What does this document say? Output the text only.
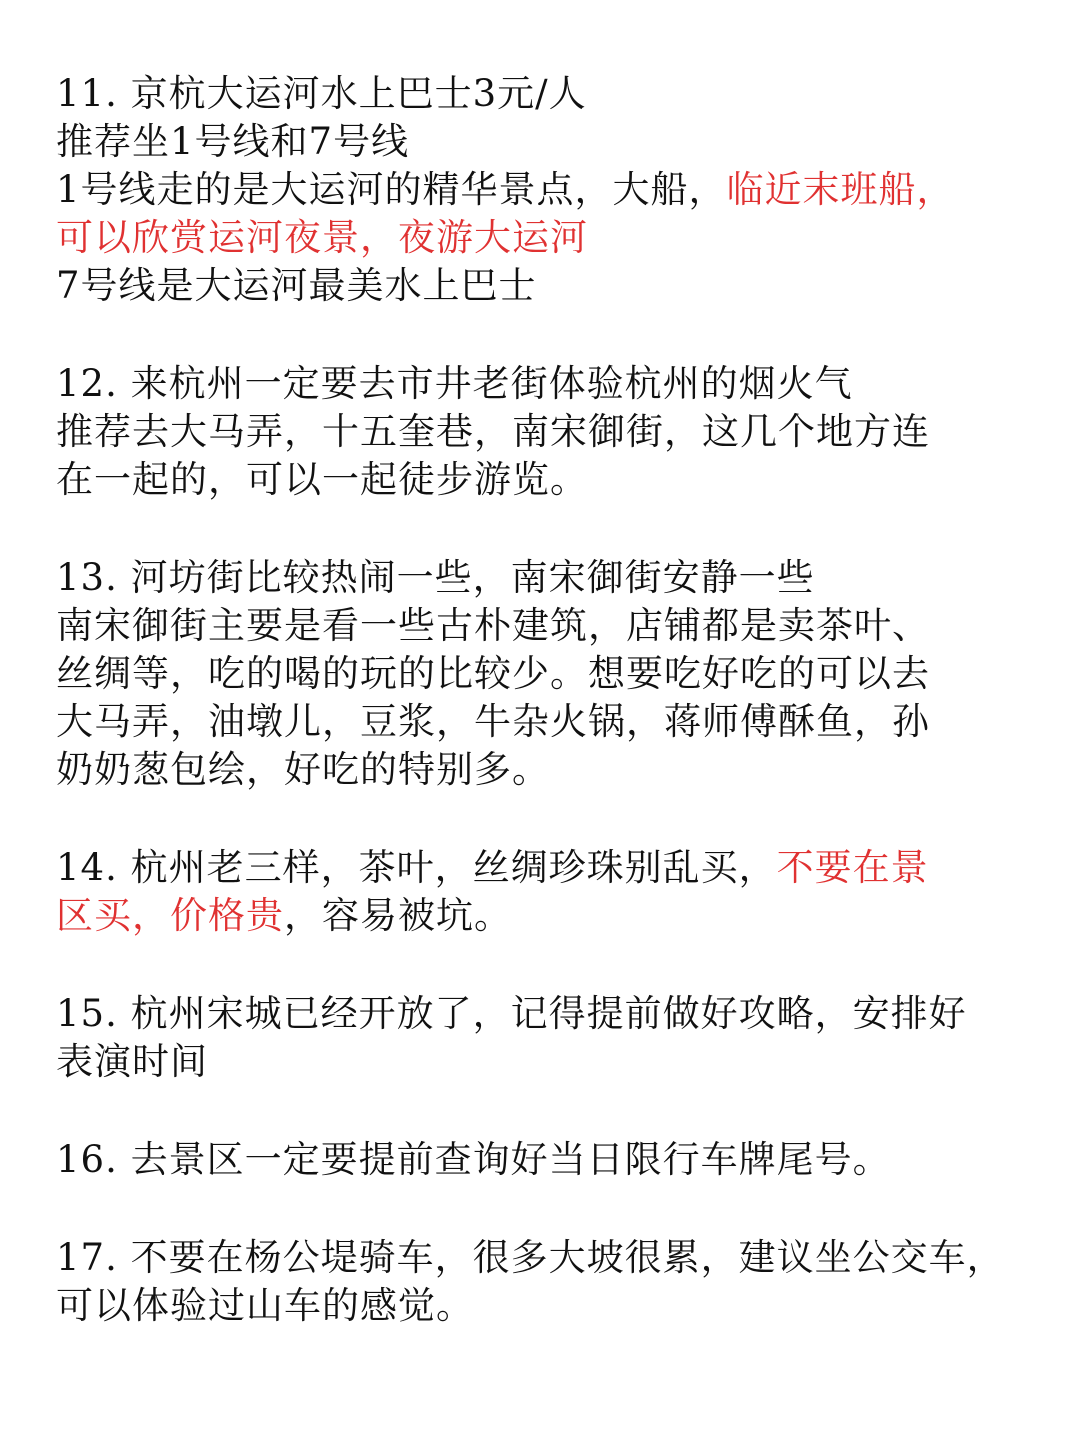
11. 京杭大运河水上巴士3元/人
推荐坐1号线和7号线
1号线走的是大运河的精华景点，大船，临近末班船，
可以欣赏运河夜景，夜游大运河
7号线是大运河最美水上巴士
12. 来杭州一定要去市井老街体验杭州的烟火气
推荐去大马弄，十五奎巷，南宋御街，这几个地方连
在一起的，可以一起徒步游览。
13. 河坊街比较热闹一些，南宋御街安静一些
南宋御街主要是看一些古朴建筑，店铺都是卖茶叶、
丝绸等，吃的喝的玩的比较少。想要吃好吃的可以去
大马弄，油墩儿，豆浆，牛杂火锅，蒋师傅酥鱼，孙
奶奶葱包绘，好吃的特别多。
14. 杭州老三样，茶叶，丝绸珍珠别乱买，不要在景
区买，价格贵，容易被坑。
15. 杭州宋城已经开放了，记得提前做好攻略，安排好
表演时间
16. 去景区一定要提前查询好当日限行车牌尾号。
17. 不要在杨公堤骑车，很多大坡很累，建议坐公交车，
可以体验过山车的感觉。
